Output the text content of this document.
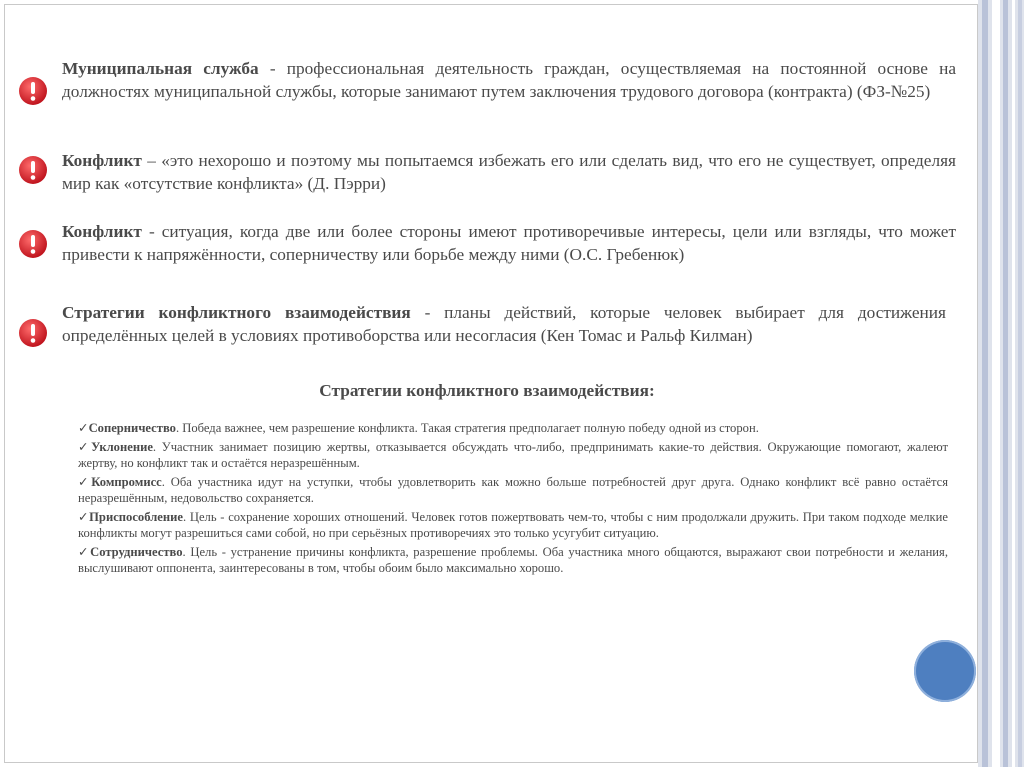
Муниципальная служба - профессиональная деятельность граждан, осуществляемая на постоянной основе на должностях муниципальной службы, которые занимают путем заключения трудового договора (контракта) (ФЗ-№25)

Конфликт – «это нехорошо и поэтому мы попытаемся избежать его или сделать вид, что его не существует, определяя мир как «отсутствие конфликта» (Д. Пэрри)

Конфликт - ситуация, когда две или более стороны имеют противоречивые интересы, цели или взгляды, что может привести к напряжённости, соперничеству или борьбе между ними (О.С. Гребенюк)

Стратегии конфликтного взаимодействия - планы действий, которые человек выбирает для достижения определённых целей в условиях противоборства или несогласия (Кен Томас и Ральф Килман)

Стратегии конфликтного взаимодействия:

✓Соперничество. Победа важнее, чем разрешение конфликта. Такая стратегия предполагает полную победу одной из сторон.
✓Уклонение. Участник занимает позицию жертвы, отказывается обсуждать что-либо, предпринимать какие-то действия. Окружающие помогают, жалеют жертву, но конфликт так и остаётся неразрешённым.
✓Компромисс. Оба участника идут на уступки, чтобы удовлетворить как можно больше потребностей друг друга. Однако конфликт всё равно остаётся неразрешённым, недовольство сохраняется.
✓Приспособление. Цель - сохранение хороших отношений. Человек готов пожертвовать чем-то, чтобы с ним продолжали дружить. При таком подходе мелкие конфликты могут разрешиться сами собой, но при серьёзных противоречиях это только усугубит ситуацию.
✓Сотрудничество. Цель - устранение причины конфликта, разрешение проблемы. Оба участника много общаются, выражают свои потребности и желания, выслушивают оппонента, заинтересованы в том, чтобы обоим было максимально хорошо.
